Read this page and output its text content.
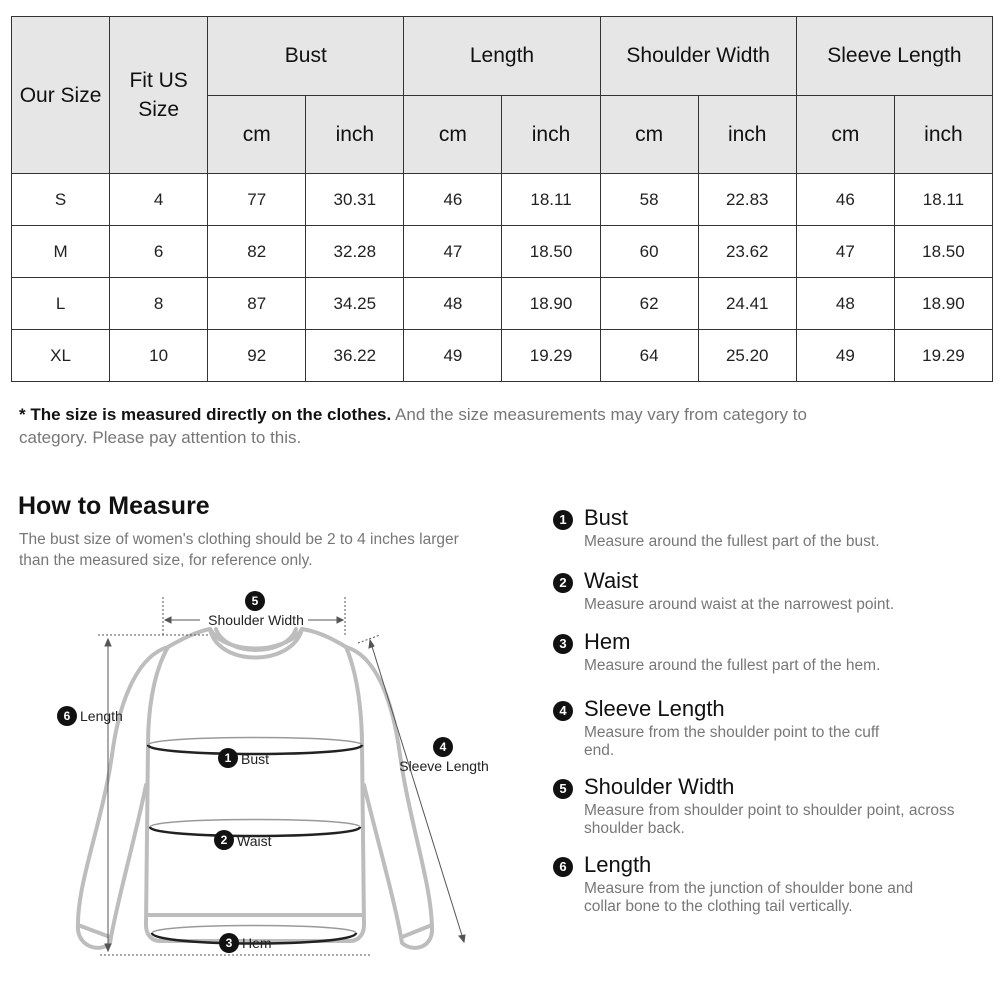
Our Size	Fit US Size	Bust		Length		Shoulder Width		Sleeve Length	
		cm	inch	cm	inch	cm	inch	cm	inch
S	4	77	30.31	46	18.11	58	22.83	46	18.11
M	6	82	32.28	47	18.50	60	23.62	47	18.50
L	8	87	34.25	48	18.90	62	24.41	48	18.90
XL	10	92	36.22	49	19.29	64	25.20	49	19.29
* The size is measured directly on the clothes. And the size measurements may vary from category to category. Please pay attention to this.
How to Measure
The bust size of women's clothing should be 2 to 4 inches larger than the measured size, for reference only.
5
Shoulder Width
6 Length
1 Bust
2 Waist
3 Hem
4
Sleeve Length
1 Bust
Measure around the fullest part of the bust.
2 Waist
Measure around waist at the narrowest point.
3 Hem
Measure around the fullest part of the hem.
4 Sleeve Length
Measure from the shoulder point to the cuff end.
5 Shoulder Width
Measure from shoulder point to shoulder point, across shoulder back.
6 Length
Measure from the junction of shoulder bone and collar bone to the clothing tail vertically.
